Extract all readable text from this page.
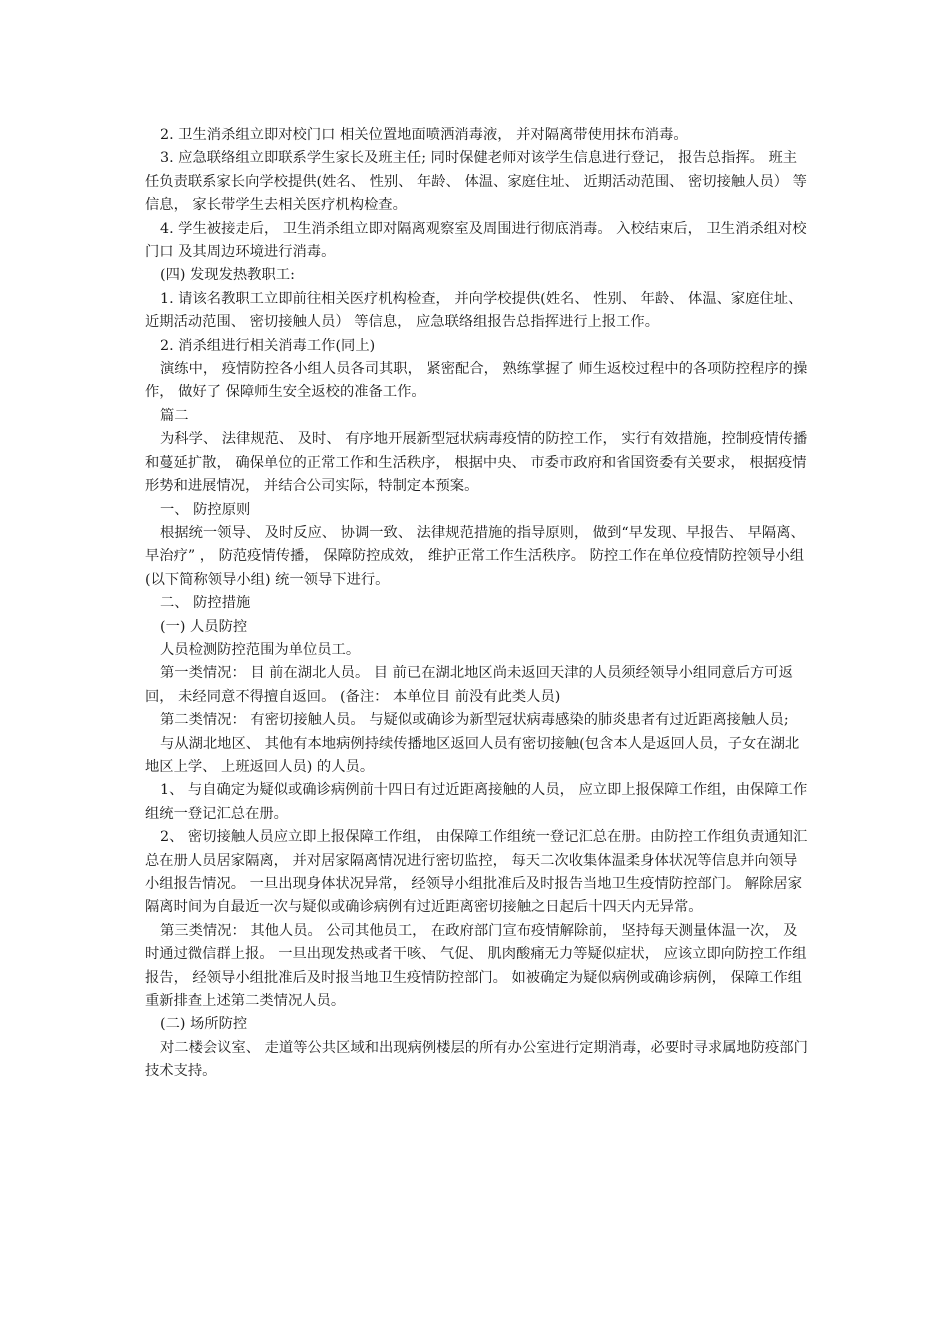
2. 卫生消杀组立即对校门口 相关位置地面喷洒消毒液， 并对隔离带使用抹布消毒。

3. 应急联络组立即联系学生家长及班主任; 同时保健老师对该学生信息进行登记， 报告总指挥。 班主任负责联系家长向学校提供(姓名、 性别、 年龄、 体温、家庭住址、 近期活动范围、 密切接触人员） 等信息， 家长带学生去相关医疗机构检查。

4. 学生被接走后， 卫生消杀组立即对隔离观察室及周围进行彻底消毒。 入校结束后， 卫生消杀组对校门口 及其周边环境进行消毒。

(四) 发现发热教职工:

1. 请该名教职工立即前往相关医疗机构检查， 并向学校提供(姓名、 性别、 年龄、 体温、家庭住址、 近期活动范围、 密切接触人员） 等信息， 应急联络组报告总指挥进行上报工作。

2. 消杀组进行相关消毒工作(同上)

演练中， 疫情防控各小组人员各司其职， 紧密配合， 熟练掌握了 师生返校过程中的各项防控程序的操作， 做好了 保障师生安全返校的准备工作。

篇二

为科学、 法律规范、 及时、 有序地开展新型冠状病毒疫情的防控工作， 实行有效措施，控制疫情传播和蔓延扩散， 确保单位的正常工作和生活秩序， 根据中央、 市委市政府和省国资委有关要求， 根据疫情形势和进展情况， 并结合公司实际，特制定本预案。

一、 防控原则

根据统一领导、 及时反应、 协调一致、 法律规范措施的指导原则， 做到“早发现、早报告、 早隔离、 早治疗” ， 防范疫情传播， 保障防控成效， 维护正常工作生活秩序。 防控工作在单位疫情防控领导小组(以下简称领导小组) 统一领导下进行。

二、 防控措施

(一) 人员防控

人员检测防控范围为单位员工。

第一类情况： 目 前在湖北人员。 目 前已在湖北地区尚未返回天津的人员须经领导小组同意后方可返回， 未经同意不得擅自返回。 (备注： 本单位目 前没有此类人员)

第二类情况： 有密切接触人员。 与疑似或确诊为新型冠状病毒感染的肺炎患者有过近距离接触人员;

与从湖北地区、 其他有本地病例持续传播地区返回人员有密切接触(包含本人是返回人员，子女在湖北地区上学、 上班返回人员) 的人员。

1、 与自确定为疑似或确诊病例前十四日有过近距离接触的人员， 应立即上报保障工作组，由保障工作组统一登记汇总在册。

2、 密切接触人员应立即上报保障工作组， 由保障工作组统一登记汇总在册。由防控工作组负责通知汇总在册人员居家隔离， 并对居家隔离情况进行密切监控， 每天二次收集体温柔身体状况等信息并向领导小组报告情况。 一旦出现身体状况异常， 经领导小组批准后及时报告当地卫生疫情防控部门。 解除居家隔离时间为自最近一次与疑似或确诊病例有过近距离密切接触之日起后十四天内无异常。

第三类情况： 其他人员。 公司其他员工， 在政府部门宣布疫情解除前， 坚持每天测量体温一次， 及时通过微信群上报。 一旦出现发热或者干咳、 气促、 肌肉酸痛无力等疑似症状， 应该立即向防控工作组报告， 经领导小组批准后及时报当地卫生疫情防控部门。 如被确定为疑似病例或确诊病例， 保障工作组重新排查上述第二类情况人员。

(二) 场所防控

对二楼会议室、 走道等公共区域和出现病例楼层的所有办公室进行定期消毒，必要时寻求属地防疫部门技术支持。
